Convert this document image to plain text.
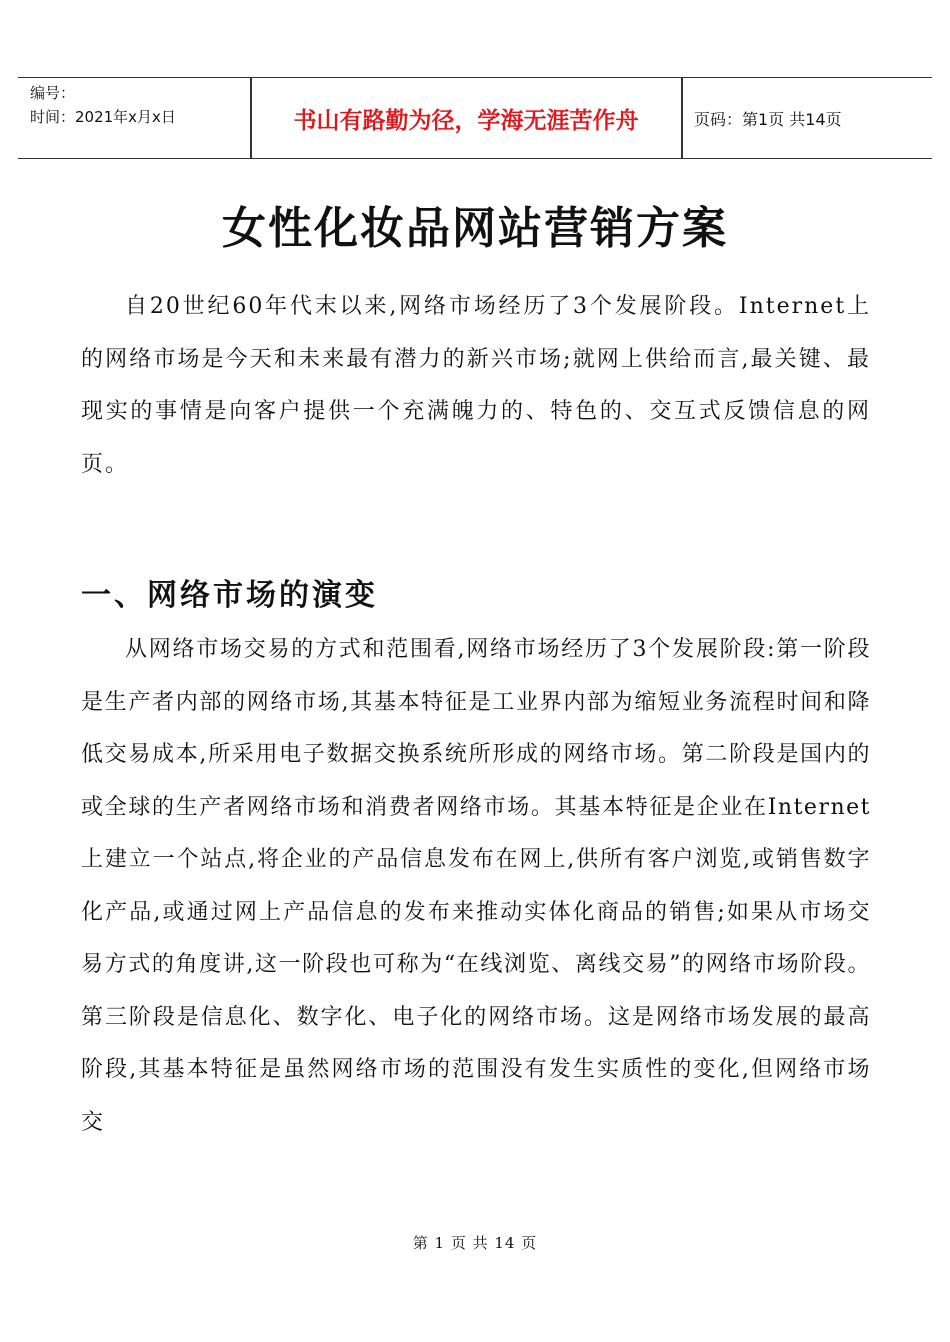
编号：
时间：2021年x月x日	书山有路勤为径，学海无涯苦作舟	页码：第1页 共14页
女性化妆品网站营销方案
自20世纪60年代末以来,网络市场经历了3个发展阶段。Internet上的网络市场是今天和未来最有潜力的新兴市场;就网上供给而言,最关键、最现实的事情是向客户提供一个充满魄力的、特色的、交互式反馈信息的网页。
一、网络市场的演变
从网络市场交易的方式和范围看,网络市场经历了3个发展阶段:第一阶段是生产者内部的网络市场,其基本特征是工业界内部为缩短业务流程时间和降低交易成本,所采用电子数据交换系统所形成的网络市场。第二阶段是国内的或全球的生产者网络市场和消费者网络市场。其基本特征是企业在Internet上建立一个站点,将企业的产品信息发布在网上,供所有客户浏览,或销售数字化产品,或通过网上产品信息的发布来推动实体化商品的销售;如果从市场交易方式的角度讲,这一阶段也可称为“在线浏览、离线交易”的网络市场阶段。第三阶段是信息化、数字化、电子化的网络市场。这是网络市场发展的最高阶段,其基本特征是虽然网络市场的范围没有发生实质性的变化,但网络市场交
第 1 页 共 14 页
